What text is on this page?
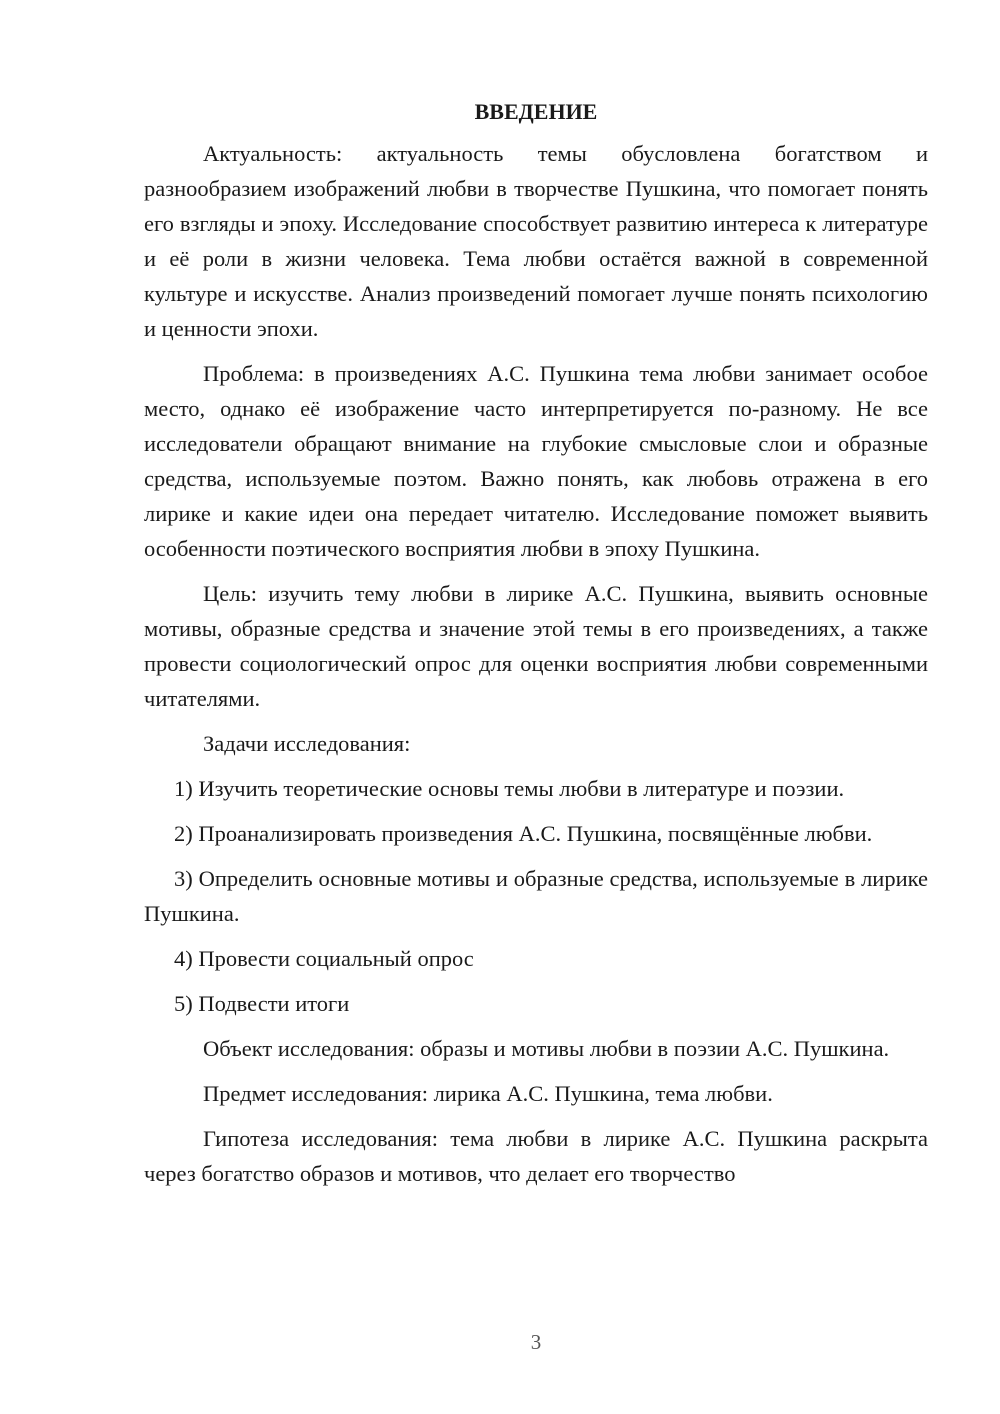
ВВЕДЕНИЕ

Актуальность: актуальность темы обусловлена богатством и разнообразием изображений любви в творчестве Пушкина, что помогает понять его взгляды и эпоху. Исследование способствует развитию интереса к литературе и её роли в жизни человека. Тема любви остаётся важной в современной культуре и искусстве. Анализ произведений помогает лучше понять психологию и ценности эпохи.

Проблема: в произведениях А.С. Пушкина тема любви занимает особое место, однако её изображение часто интерпретируется по-разному. Не все исследователи обращают внимание на глубокие смысловые слои и образные средства, используемые поэтом. Важно понять, как любовь отражена в его лирике и какие идеи она передает читателю. Исследование поможет выявить особенности поэтического восприятия любви в эпоху Пушкина.

Цель: изучить тему любви в лирике А.С. Пушкина, выявить основные мотивы, образные средства и значение этой темы в его произведениях, а также провести социологический опрос для оценки восприятия любви современными читателями.

Задачи исследования:

1) Изучить теоретические основы темы любви в литературе и поэзии.

2) Проанализировать произведения А.С. Пушкина, посвящённые любви.

3) Определить основные мотивы и образные средства, используемые в лирике Пушкина.

4) Провести социальный опрос

5) Подвести итоги

Объект исследования: образы и мотивы любви в поэзии А.С. Пушкина.

Предмет исследования: лирика А.С. Пушкина, тема любви.

Гипотеза исследования: тема любви в лирике А.С. Пушкина раскрыта через богатство образов и мотивов, что делает его творчество

3
